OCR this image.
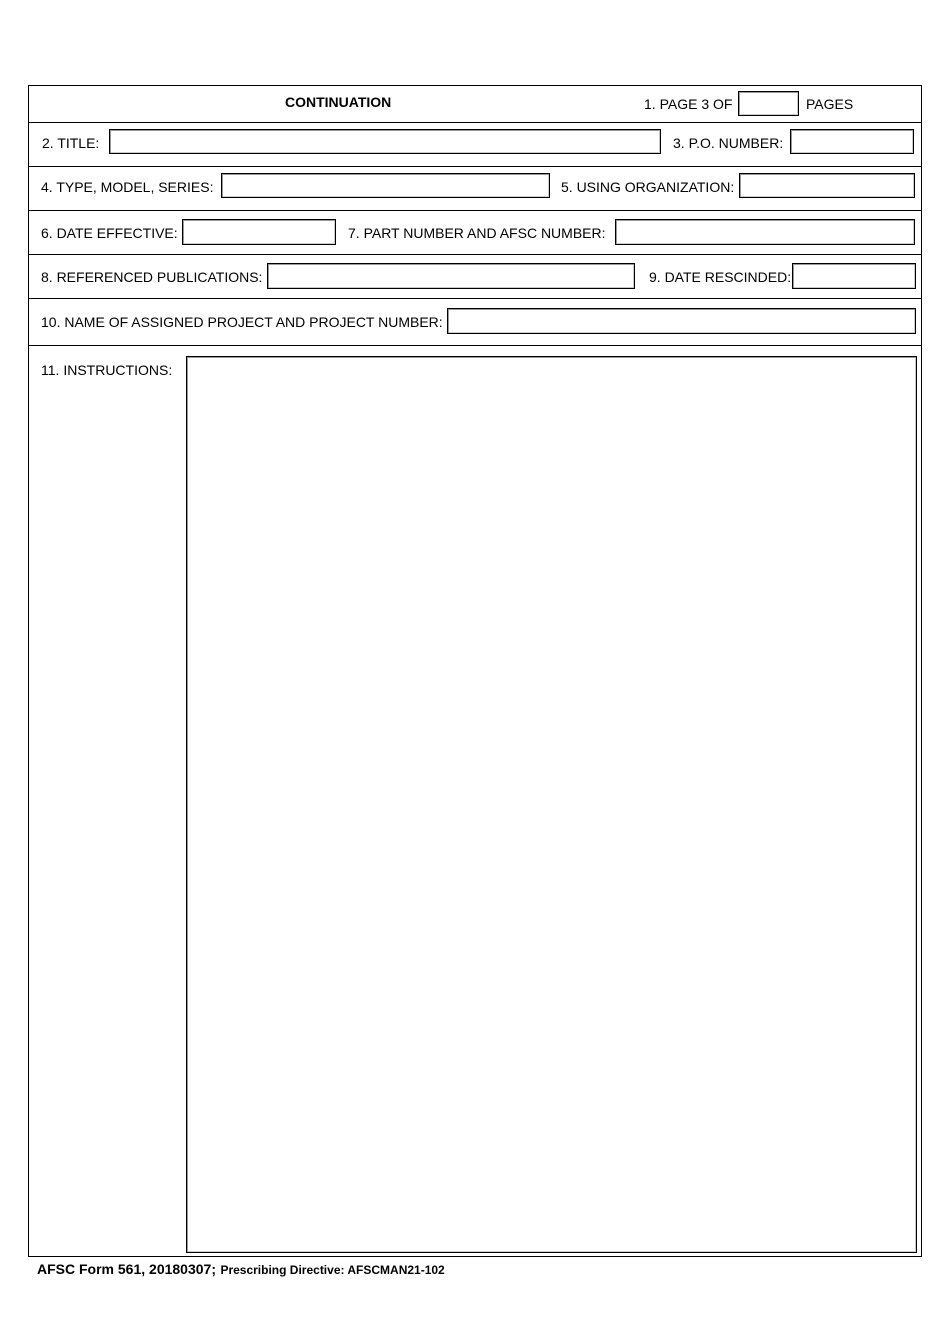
CONTINUATION	1. PAGE 3 OF	PAGES
2. TITLE:	3. P.O. NUMBER:
4. TYPE, MODEL, SERIES:	5. USING ORGANIZATION:
6. DATE EFFECTIVE:	7. PART NUMBER AND AFSC NUMBER:
8. REFERENCED PUBLICATIONS:	9. DATE RESCINDED:
10. NAME OF ASSIGNED PROJECT AND PROJECT NUMBER:
11. INSTRUCTIONS:
AFSC Form 561, 20180307; Prescribing Directive: AFSCMAN21-102
